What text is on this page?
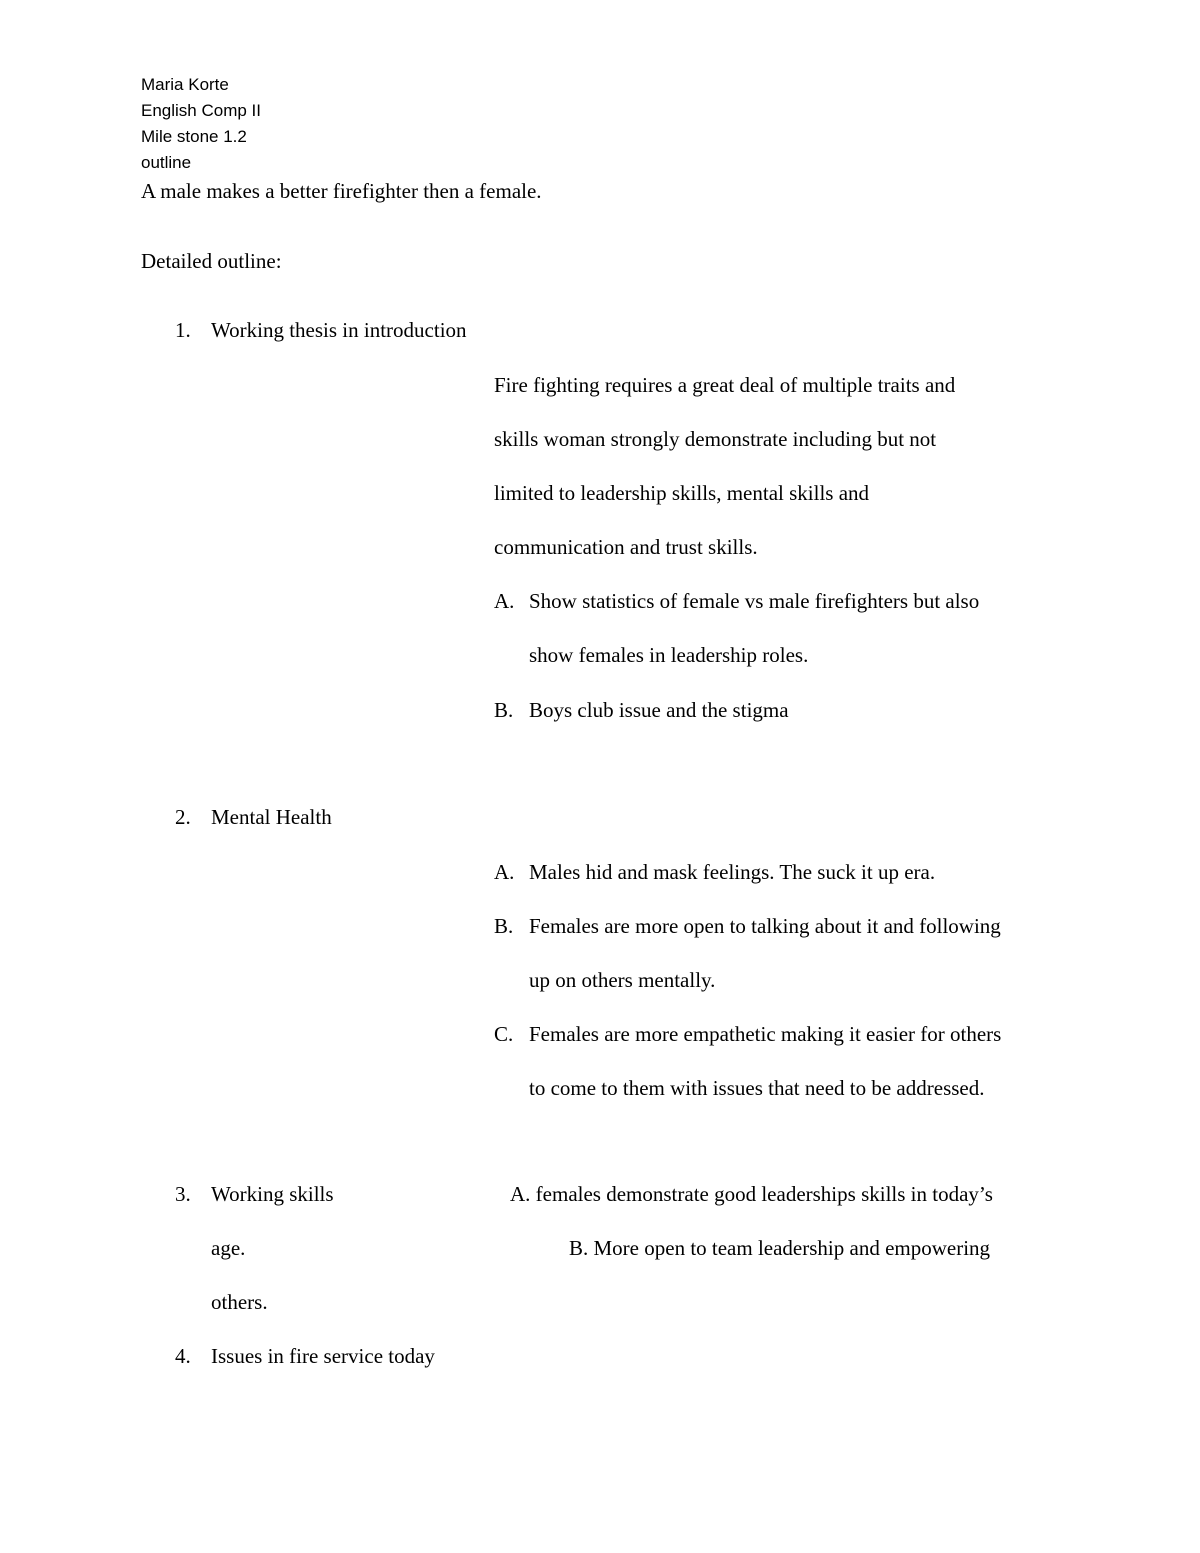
Maria Korte
English Comp II
Mile stone 1.2
outline
A male makes a better firefighter then a female.
Detailed outline:
1. Working thesis in introduction
Fire fighting requires a great deal of multiple traits and
skills woman strongly demonstrate including but not
limited to leadership skills, mental skills and
communication and trust skills.
A. Show statistics of female vs male firefighters but also
show females in leadership roles.
B. Boys club issue and the stigma
2. Mental Health
A. Males hid and mask feelings. The suck it up era.
B. Females are more open to talking about it and following
up on others mentally.
C. Females are more empathetic making it easier for others
to come to them with issues that need to be addressed.
3. Working skills	A. females demonstrate good leaderships skills in today’s
age.	B. More open to team leadership and empowering
others.
4. Issues in fire service today
